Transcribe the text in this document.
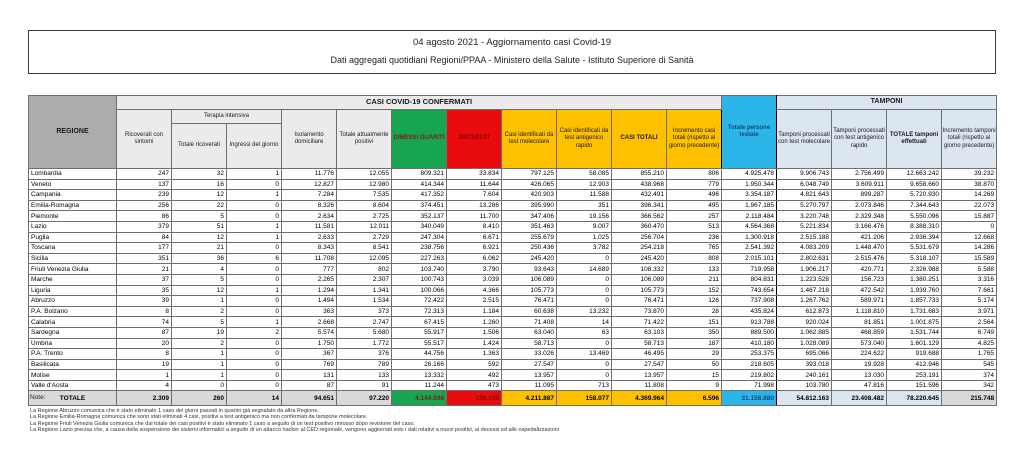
04 agosto 2021 - Aggiornamento casi Covid-19
Dati aggregati quotidiani Regioni/PPAA - Ministero della Salute - Istituto Superiore di Sanità
REGIONE	CASI COVID-19 CONFERMATI											Totale persone testate	TAMPONI			
	Ricoverati con sintomi	Terapia intensiva		Isolamento domiciliare	Totale attualmente positivi	DIMESSI GUARITI	DECEDUTI	Casi identificati da test molecolare	Casi identificati da test antigenico rapido	CASI TOTALI	Incremento casi totali (rispetto al giorno precedente)		Tamponi processati con test molecolare	Tamponi processati con test antigenico rapido	TOTALE tamponi effettuati	Incremento tamponi totali (rispetto al giorno precedente)
		Totale ricoverati	Ingressi del giorno													
Lombardia	247	32	1	11.776	12.055	809.321	33.834	797.125	58.085	855.210	806	4.925.478	9.906.743	2.756.499	12.663.242	39.232
Veneto	137	16	0	12.827	12.980	414.344	11.644	426.065	12.903	438.968	779	1.950.344	6.048.749	3.609.911	9.658.660	38.870
Campania	239	12	1	7.284	7.535	417.352	7.604	420.903	11.588	432.491	496	3.354.187	4.821.643	899.287	5.720.930	14.269
Emilia-Romagna	256	22	0	8.326	8.604	374.451	13.286	395.990	351	396.341	495	1.967.185	5.270.797	2.073.846	7.344.643	22.073
Piemonte	86	5	0	2.634	2.725	352.137	11.700	347.406	19.156	366.562	257	2.118.484	3.220.748	2.329.348	5.550.096	15.887
Lazio	379	51	1	11.581	12.011	340.049	8.410	351.463	9.007	360.470	513	4.564.368	5.221.834	3.166.476	8.388.310	0
Puglia	84	12	1	2.633	2.729	247.304	6.671	255.679	1.025	256.704	236	1.300.918	2.515.188	421.206	2.936.394	12.668
Toscana	177	21	0	8.343	8.541	238.756	6.921	250.436	3.782	254.218	765	2.541.392	4.083.209	1.448.470	5.531.679	14.286
Sicilia	351	36	6	11.708	12.095	227.263	6.062	245.420	0	245.420	808	2.015.101	2.802.631	2.515.476	5.318.107	15.589
Friuli Venezia Giulia	21	4	0	777	802	103.740	3.790	93.643	14.689	108.332	133	719.958	1.906.217	420.771	2.326.988	5.588
Marche	37	5	0	2.265	2.307	100.743	3.039	106.089	0	106.089	211	804.831	1.223.528	156.723	1.380.251	3.316
Liguria	35	12	1	1.294	1.341	100.066	4.366	105.773	0	105.773	152	743.654	1.467.218	472.542	1.939.760	7.661
Abruzzo	39	1	0	1.494	1.534	72.422	2.515	76.471	0	76.471	126	737.908	1.267.762	589.971	1.857.733	5.174
P.A. Bolzano	8	2	0	363	373	72.313	1.184	60.638	13.232	73.870	28	435.824	612.873	1.118.810	1.731.683	3.971
Calabria	74	5	1	2.668	2.747	67.415	1.260	71.408	14	71.422	151	913.788	920.024	81.851	1.001.875	2.564
Sardegna	87	19	2	5.574	5.680	55.917	1.506	63.040	63	63.103	350	889.500	1.062.885	468.859	1.531.744	6.749
Umbria	20	2	0	1.750	1.772	55.517	1.424	58.713	0	58.713	187	410.180	1.028.089	573.040	1.601.129	4.825
P.A. Trento	8	1	0	367	376	44.756	1.363	33.026	13.469	46.495	29	253.375	695.066	224.622	919.688	1.765
Basilicata	19	1	0	769	789	26.166	592	27.547	0	27.547	50	218.605	393.018	19.928	412.946	545
Molise	1	1	0	131	133	13.332	492	13.957	0	13.957	15	219.802	240.161	13.030	253.191	374
Valle d'Aosta	4	0	0	87	91	11.244	473	11.095	713	11.808	9	71.998	103.780	47.816	151.596	342
TOTALE	2.309	260	14	94.651	97.220	4.144.608	128.136	4.211.887	158.077	4.369.964	6.596	31.156.880	54.812.163	23.408.482	78.220.645	215.748
Note:
La Regione Abruzzo comunica che è stato eliminato 1 caso dei giorni passati in quanto già segnalato da altra Regione.
La Regione Emilia-Romagna comunica che sono stati eliminati 4 casi, positivi a test antigenico ma non confermati da tampone molecolare.
La Regione Friuli Venezia Giulia comunica che dal totale dei casi positivi è stato eliminato 1 caso a seguito di un test positivo rimosso dopo revisione del caso.
La Regione Lazio precisa che, a causa della sospensione dei sistemi informatici a seguito di un attacco hacker al CED regionale, vengono aggiornati solo i dati relativi a nuovi positivi, ai decessi ed alle ospedalizzazioni
